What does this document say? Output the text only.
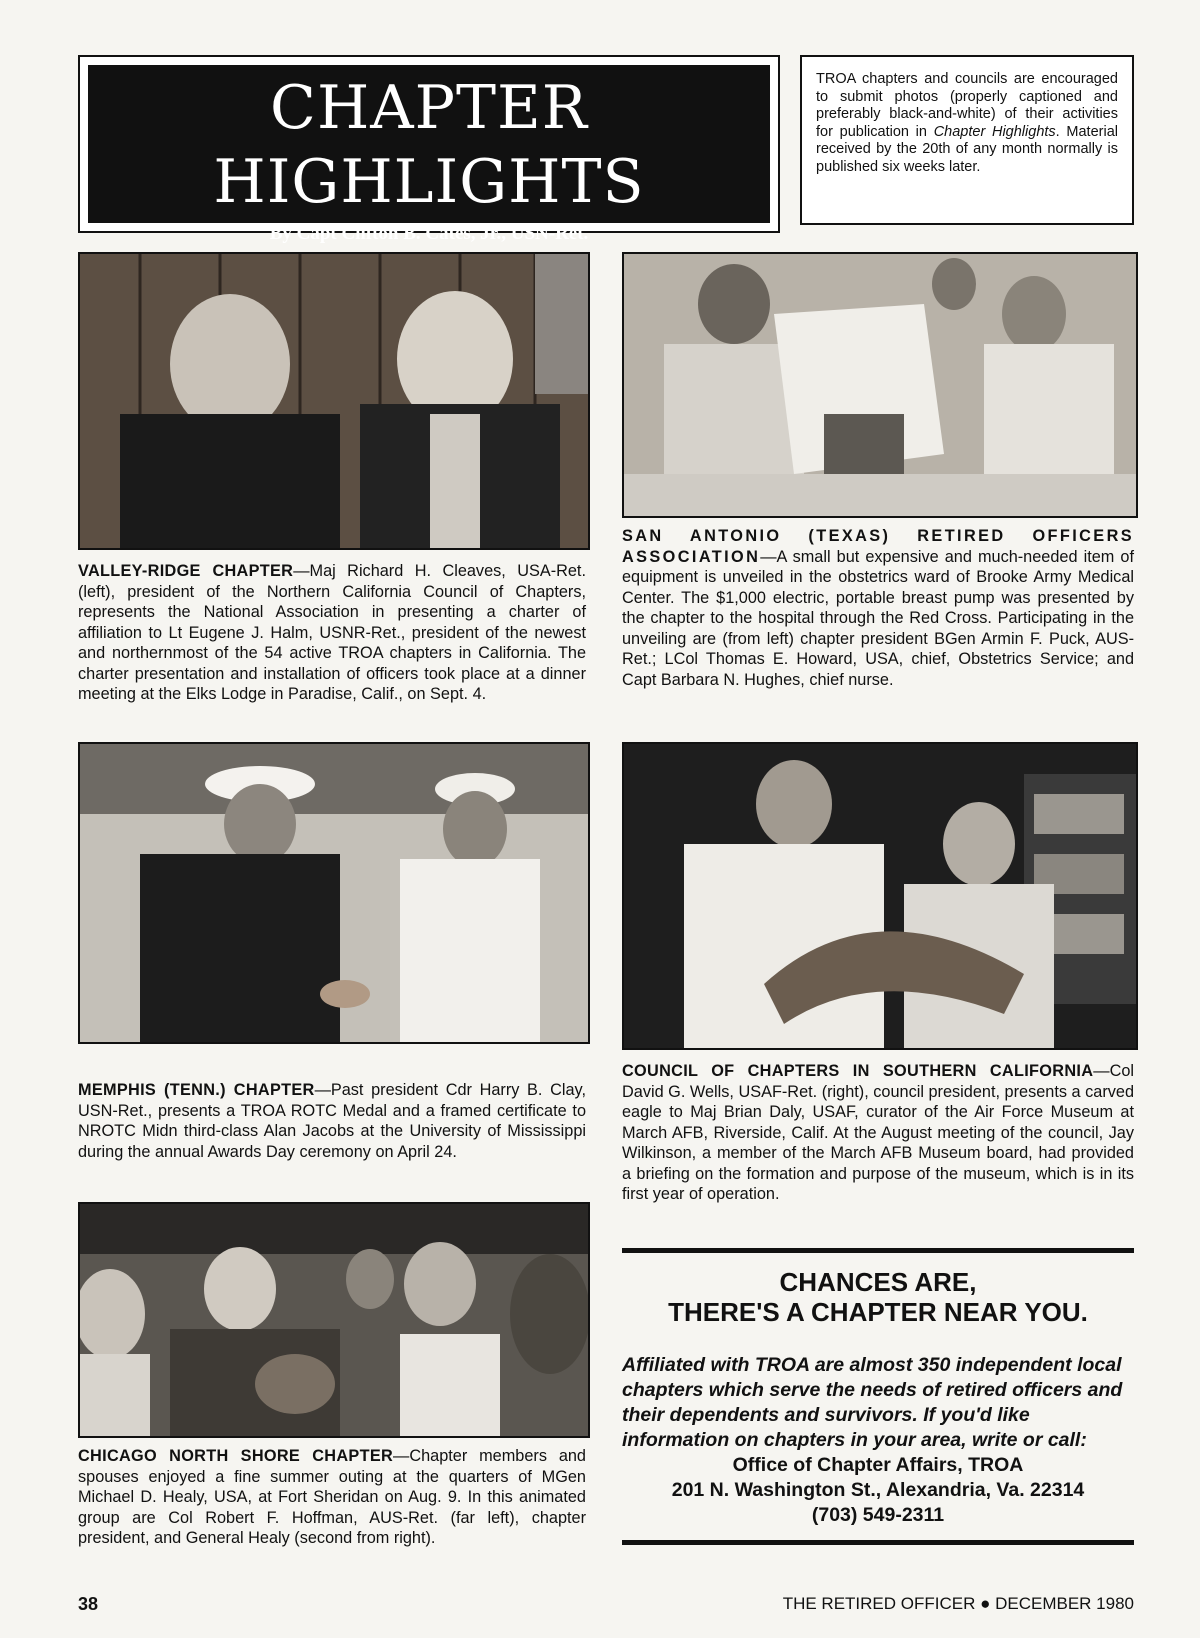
CHAPTER HIGHLIGHTS
By Capt Clifton B. Cates, Jr., USN-Ret.
TROA chapters and councils are encouraged to submit photos (properly captioned and preferably black-and-white) of their activities for publication in Chapter Highlights. Material received by the 20th of any month normally is published six weeks later.
VALLEY-RIDGE CHAPTER—Maj Richard H. Cleaves, USA-Ret. (left), president of the Northern California Council of Chapters, represents the National Association in presenting a charter of affiliation to Lt Eugene J. Halm, USNR-Ret., president of the newest and northernmost of the 54 active TROA chapters in California. The charter presentation and installation of officers took place at a dinner meeting at the Elks Lodge in Paradise, Calif., on Sept. 4.
SAN ANTONIO (TEXAS) RETIRED OFFICERS ASSOCIATION—A small but expensive and much-needed item of equipment is unveiled in the obstetrics ward of Brooke Army Medical Center. The $1,000 electric, portable breast pump was presented by the chapter to the hospital through the Red Cross. Participating in the unveiling are (from left) chapter president BGen Armin F. Puck, AUS-Ret.; LCol Thomas E. Howard, USA, chief, Obstetrics Service; and Capt Barbara N. Hughes, chief nurse.
MEMPHIS (TENN.) CHAPTER—Past president Cdr Harry B. Clay, USN-Ret., presents a TROA ROTC Medal and a framed certificate to NROTC Midn third-class Alan Jacobs at the University of Mississippi during the annual Awards Day ceremony on April 24.
COUNCIL OF CHAPTERS IN SOUTHERN CALIFORNIA—Col David G. Wells, USAF-Ret. (right), council president, presents a carved eagle to Maj Brian Daly, USAF, curator of the Air Force Museum at March AFB, Riverside, Calif. At the August meeting of the council, Jay Wilkinson, a member of the March AFB Museum board, had provided a briefing on the formation and purpose of the museum, which is in its first year of operation.
CHICAGO NORTH SHORE CHAPTER—Chapter members and spouses enjoyed a fine summer outing at the quarters of MGen Michael D. Healy, USA, at Fort Sheridan on Aug. 9. In this animated group are Col Robert F. Hoffman, AUS-Ret. (far left), chapter president, and General Healy (second from right).
CHANCES ARE,
THERE'S A CHAPTER NEAR YOU.
Affiliated with TROA are almost 350 independent local chapters which serve the needs of retired officers and their dependents and survivors. If you'd like information on chapters in your area, write or call:
Office of Chapter Affairs, TROA
201 N. Washington St., Alexandria, Va. 22314
(703) 549-2311
38	THE RETIRED OFFICER ● DECEMBER 1980
